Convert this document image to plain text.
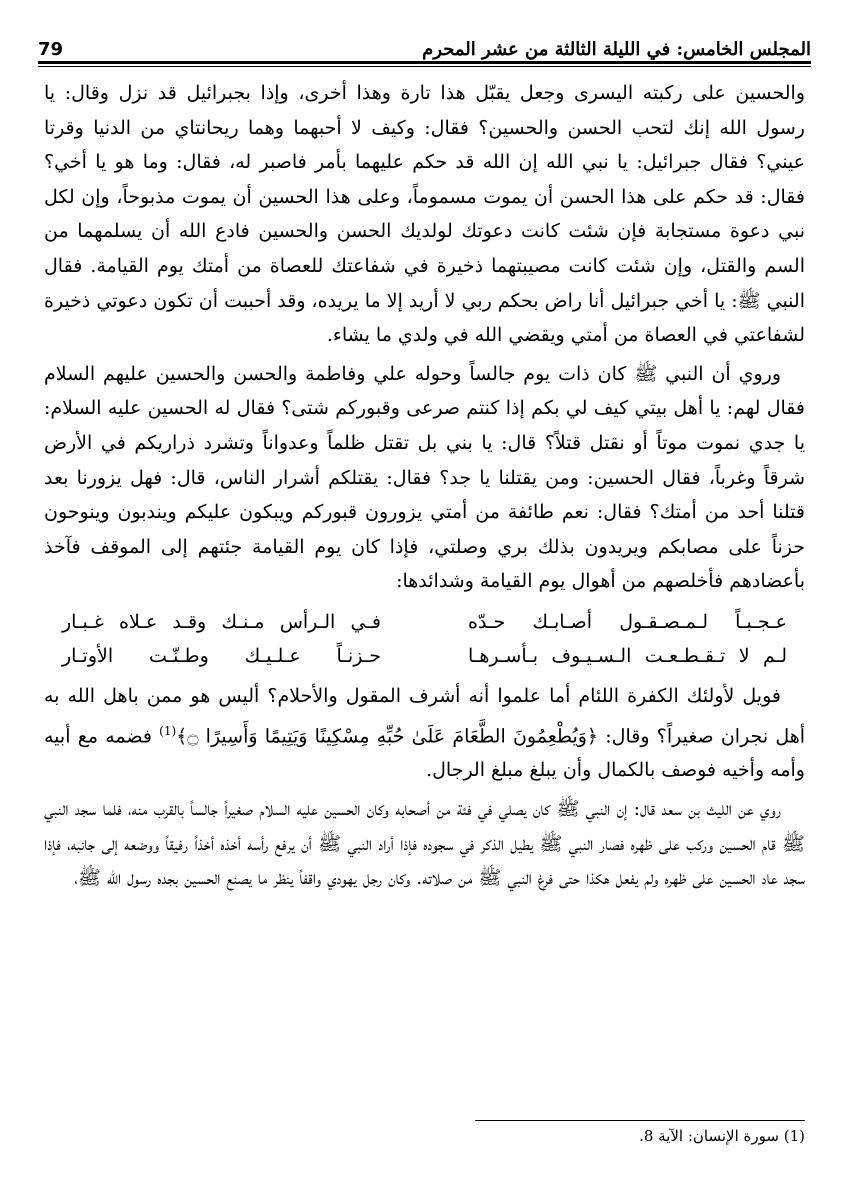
المجلس الخامس: في الليلة الثالثة من عشر المحرم
79

والحسين على ركبته اليسرى وجعل يقبّل هذا تارة وهذا أخرى، وإذا بجبرائيل قد نزل وقال: يا رسول الله إنك لتحب الحسن والحسين؟ فقال: وكيف لا أحبهما وهما ريحانتاي من الدنيا وقرتا عيني؟ فقال جبرائيل: يا نبي الله إن الله قد حكم عليهما بأمر فاصبر له، فقال: وما هو يا أخي؟ فقال: قد حكم على هذا الحسن أن يموت مسموماً، وعلى هذا الحسين أن يموت مذبوحاً، وإن لكل نبي دعوة مستجابة فإن شئت كانت دعوتك لولديك الحسن والحسين فادع الله أن يسلمهما من السم والقتل، وإن شئت كانت مصيبتهما ذخيرة في شفاعتك للعصاة من أمتك يوم القيامة. فقال النبي ﷺ: يا أخي جبرائيل أنا راض بحكم ربي لا أريد إلا ما يريده، وقد أحببت أن تكون دعوتي ذخيرة لشفاعتي في العصاة من أمتي ويقضي الله في ولدي ما يشاء.

وروي أن النبي ﷺ كان ذات يوم جالساً وحوله علي وفاطمة والحسن والحسين عليهم السلام فقال لهم: يا أهل بيتي كيف لي بكم إذا كنتم صرعى وقبوركم شتى؟ فقال له الحسين عليه السلام: يا جدي نموت موتاً أو نقتل قتلاً؟ قال: يا بني بل تقتل ظلماً وعدواناً وتشرد ذراريكم في الأرض شرقاً وغرباً، فقال الحسين: ومن يقتلنا يا جد؟ فقال: يقتلكم أشرار الناس، قال: فهل يزورنا بعد قتلنا أحد من أمتك؟ فقال: نعم طائفة من أمتي يزورون قبوركم ويبكون عليكم ويندبون وينوحون حزناً على مصابكم ويريدون بذلك بري وصلتي، فإذا كان يوم القيامة جئتهم إلى الموقف فآخذ بأعضادهم فأخلصهم من أهوال يوم القيامة وشدائدها:

عـجـبـاً لـمـصـقـول أصـابـك حـدّه
فـي الـرأس مـنـك وقـد عـلاه غـبـار
لـم لا تـقـطـعـت الـسـيـوف بـأسـرهـا
حـزنـاً عـلـيـك وطـنّـت الأوتـار

فويل لأولئك الكفرة اللئام أما علموا أنه أشرف المقول والأحلام؟ أليس هو ممن باهل الله به أهل نجران صغيراً؟ وقال: ﴿وَيُطْعِمُونَ الطَّعَامَ عَلَىٰ حُبِّهِ مِسْكِينًا وَيَتِيمًا وَأَسِيرًا ۝﴾$^{(1)}$ فضمه مع أبيه وأمه وأخيه فوصف بالكمال وأن يبلغ مبلغ الرجال.

روي عن الليث بن سعد قال: إن النبي ﷺ كان يصلي في فئة من أصحابه وكان الحسين عليه السلام صغيراً جالساً بالقرب منه، فلما سجد النبي ﷺ قام الحسين وركب على ظهره فصار النبي ﷺ يطيل الذكر في سجوده فإذا أراد النبي ﷺ أن يرفع رأسه أخذه أخذاً رفيقاً ووضعه إلى جانبه، فإذا سجد عاد الحسين على ظهره ولم يفعل هكذا حتى فرغ النبي ﷺ من صلاته. وكان رجل يهودي واقفاً ينظر ما يصنع الحسين بجده رسول الله ﷺ،

(1) سورة الإنسان: الآية 8.
